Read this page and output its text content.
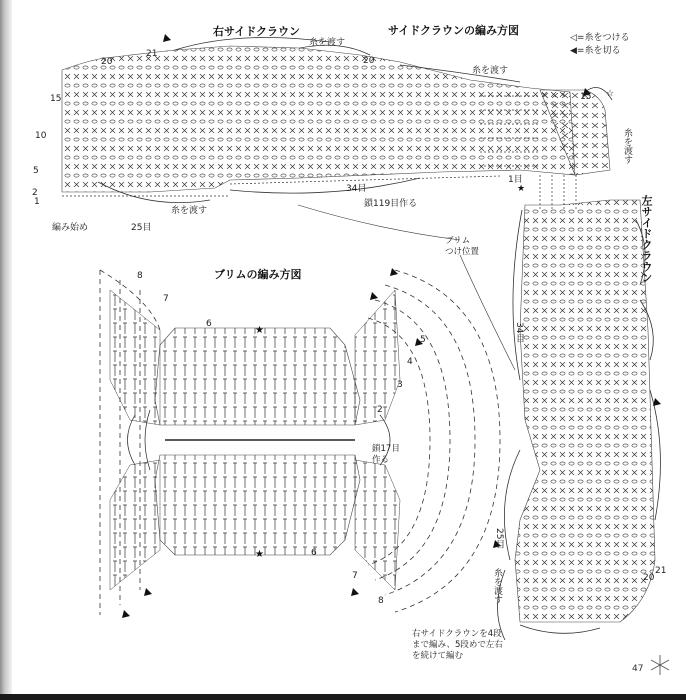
★
★
★
☆
右サイドクラウン	サイドクラウンの編み方図
ブリムの編み方図	左サイドクラウン
◁=糸をつける
◀=糸を切る
糸を渡す
糸を渡す
糸を渡す
編み始め
34目
25目
鎖119目作る
ブリム
つけ位置
1目
34目
25目
糸を渡す
糸を渡す
鎖17目
作る
21
20
15
10
5
2
1
20
15
20
21
8
7
6
6
7
8
5
4
3
2
右サイドクラウンを4段
まで編み、5段めで左右
を続けて編む
47
